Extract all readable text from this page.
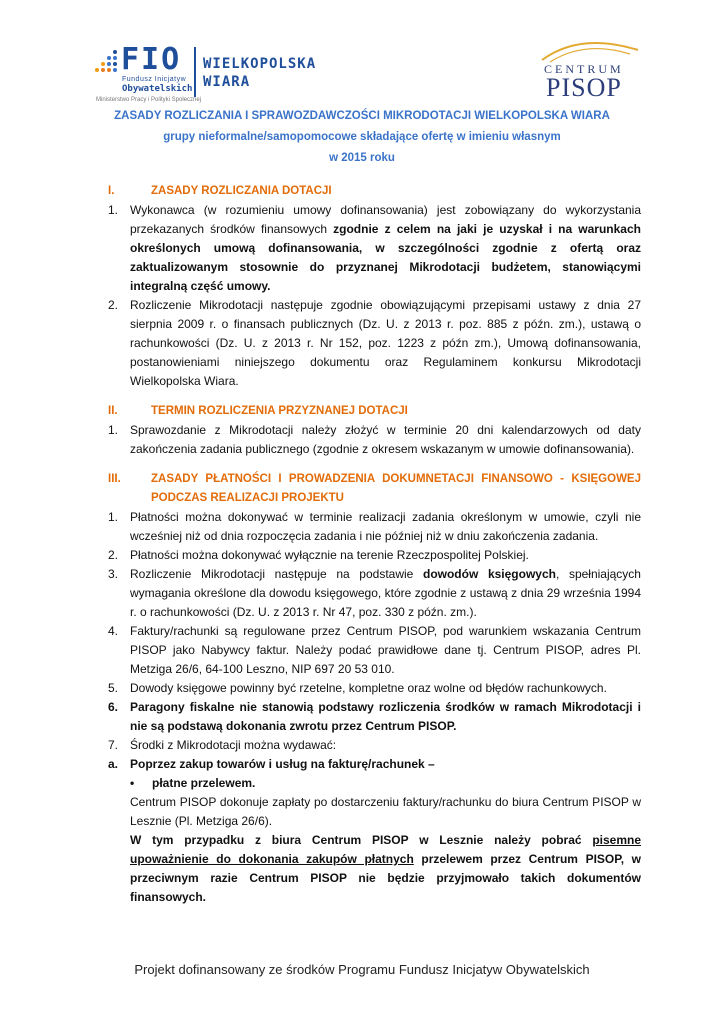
FIO
Fundusz Inicjatyw
Obywatelskich
Ministerstwo Pracy i Polityki Społecznej
WIELKOPOLSKA
WIARA
CENTRUM
PISOP
ZASADY ROZLICZANIA I SPRAWOZDAWCZOŚCI MIKRODOTACJI WIELKOPOLSKA WIARA
grupy nieformalne/samopomocowe składające ofertę w imieniu własnym
w 2015 roku
I.	ZASADY ROZLICZANIA DOTACJI
1. Wykonawca (w rozumieniu umowy dofinansowania) jest zobowiązany do wykorzystania przekazanych środków finansowych zgodnie z celem na jaki je uzyskał i na warunkach określonych umową dofinansowania, w szczególności zgodnie z ofertą oraz zaktualizowanym stosownie do przyznanej Mikrodotacji budżetem, stanowiącymi integralną część umowy.
2. Rozliczenie Mikrodotacji następuje zgodnie obowiązującymi przepisami ustawy z dnia 27 sierpnia 2009 r. o finansach publicznych (Dz. U. z 2013 r. poz. 885 z późn. zm.), ustawą o rachunkowości (Dz. U. z 2013 r. Nr 152, poz. 1223 z późn zm.), Umową dofinansowania, postanowieniami niniejszego dokumentu oraz Regulaminem konkursu Mikrodotacji Wielkopolska Wiara.
II.	TERMIN ROZLICZENIA PRZYZNANEJ DOTACJI
1. Sprawozdanie z Mikrodotacji należy złożyć w terminie 20 dni kalendarzowych od daty zakończenia zadania publicznego (zgodnie z okresem wskazanym w umowie dofinansowania).
III.	ZASADY PŁATNOŚCI I PROWADZENIA DOKUMNETACJI FINANSOWO - KSIĘGOWEJ PODCZAS REALIZACJI PROJEKTU
1. Płatności można dokonywać w terminie realizacji zadania określonym w umowie, czyli nie wcześniej niż od dnia rozpoczęcia zadania i nie później niż w dniu zakończenia zadania.
2. Płatności można dokonywać wyłącznie na terenie Rzeczpospolitej Polskiej.
3. Rozliczenie Mikrodotacji następuje na podstawie dowodów księgowych, spełniających wymagania określone dla dowodu księgowego, które zgodnie z ustawą z dnia 29 września 1994 r. o rachunkowości (Dz. U. z 2013 r. Nr 47, poz. 330 z późn. zm.).
4. Faktury/rachunki są regulowane przez Centrum PISOP, pod warunkiem wskazania Centrum PISOP jako Nabywcy faktur. Należy podać prawidłowe dane tj. Centrum PISOP, adres Pl. Metziga 26/6, 64-100 Leszno, NIP 697 20 53 010.
5. Dowody księgowe powinny być rzetelne, kompletne oraz wolne od błędów rachunkowych.
6. Paragony fiskalne nie stanowią podstawy rozliczenia środków w ramach Mikrodotacji i nie są podstawą dokonania zwrotu przez Centrum PISOP.
7. Środki z Mikrodotacji można wydawać:
a. Poprzez zakup towarów i usług na fakturę/rachunek –
•	płatne przelewem.
Centrum PISOP dokonuje zapłaty po dostarczeniu faktury/rachunku do biura Centrum PISOP w Lesznie (Pl. Metziga 26/6).
W tym przypadku z biura Centrum PISOP w Lesznie należy pobrać pisemne upoważnienie do dokonania zakupów płatnych przelewem przez Centrum PISOP, w przeciwnym razie Centrum PISOP nie będzie przyjmowało takich dokumentów finansowych.
Projekt dofinansowany ze środków Programu Fundusz Inicjatyw Obywatelskich
